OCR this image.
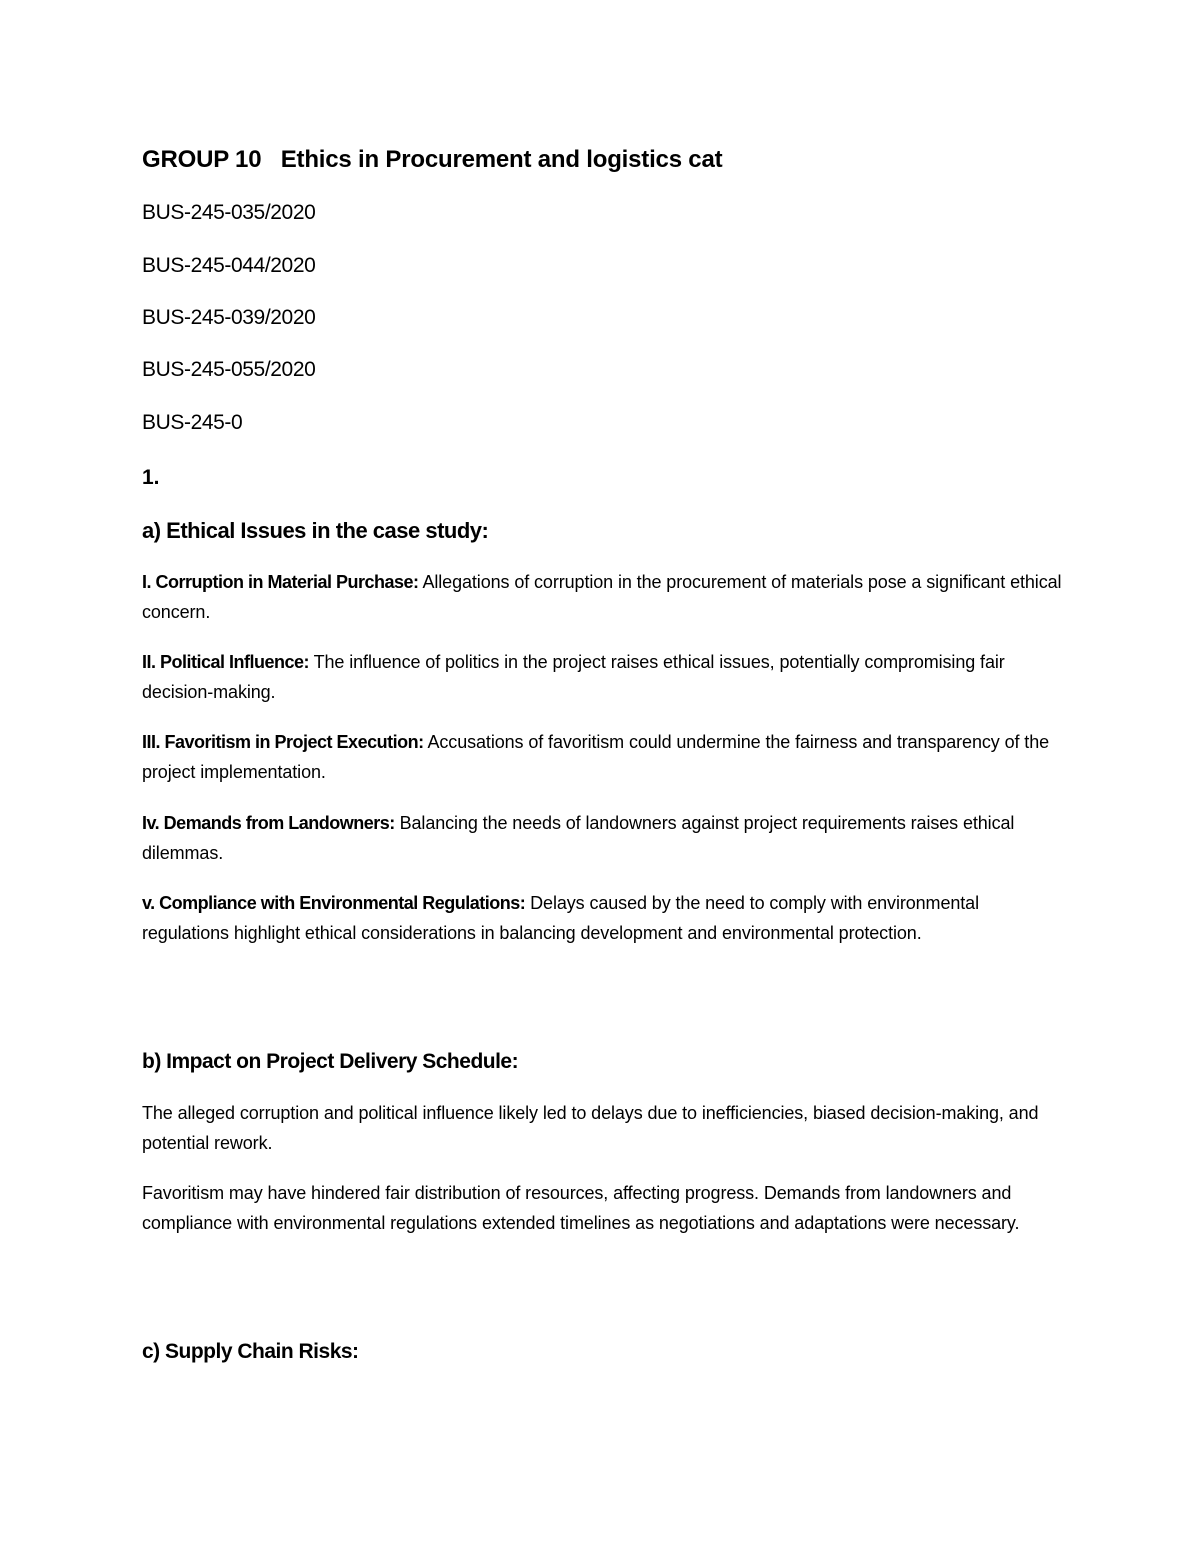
GROUP 10   Ethics in Procurement and logistics cat
BUS-245-035/2020
BUS-245-044/2020
BUS-245-039/2020
BUS-245-055/2020
BUS-245-0
1.
a) Ethical Issues in the case study:
I. Corruption in Material Purchase: Allegations of corruption in the procurement of materials pose a significant ethical concern.
II. Political Influence: The influence of politics in the project raises ethical issues, potentially compromising fair decision-making.
III. Favoritism in Project Execution: Accusations of favoritism could undermine the fairness and transparency of the project implementation.
Iv. Demands from Landowners: Balancing the needs of landowners against project requirements raises ethical dilemmas.
v. Compliance with Environmental Regulations: Delays caused by the need to comply with environmental regulations highlight ethical considerations in balancing development and environmental protection.
b) Impact on Project Delivery Schedule:
The alleged corruption and political influence likely led to delays due to inefficiencies, biased decision-making, and potential rework.
Favoritism may have hindered fair distribution of resources, affecting progress. Demands from landowners and compliance with environmental regulations extended timelines as negotiations and adaptations were necessary.
c) Supply Chain Risks:
